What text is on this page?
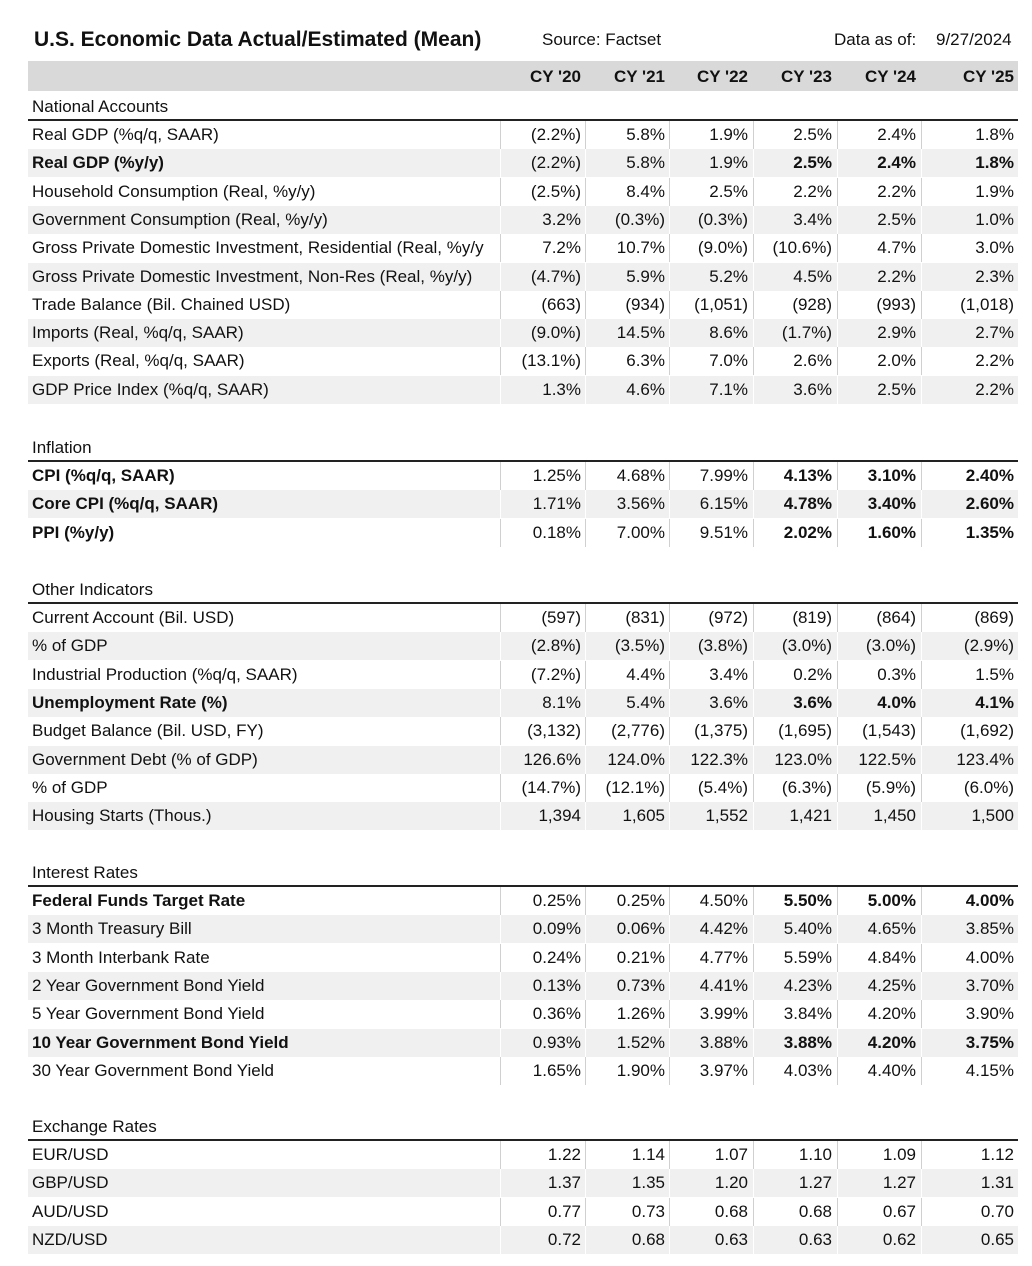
U.S. Economic Data Actual/Estimated (Mean)	Source: Factset	Data as of: 9/27/2024
CY '20	CY '21	CY '22	CY '23	CY '24	CY '25
National Accounts
Real GDP (%q/q, SAAR)	(2.2%)	5.8%	1.9%	2.5%	2.4%	1.8%
Real GDP (%y/y)	(2.2%)	5.8%	1.9%	2.5%	2.4%	1.8%
Household Consumption (Real, %y/y)	(2.5%)	8.4%	2.5%	2.2%	2.2%	1.9%
Government Consumption (Real, %y/y)	3.2%	(0.3%)	(0.3%)	3.4%	2.5%	1.0%
Gross Private Domestic Investment, Residential (Real, %y/y	7.2%	10.7%	(9.0%)	(10.6%)	4.7%	3.0%
Gross Private Domestic Investment, Non-Res (Real, %y/y)	(4.7%)	5.9%	5.2%	4.5%	2.2%	2.3%
Trade Balance (Bil. Chained USD)	(663)	(934)	(1,051)	(928)	(993)	(1,018)
Imports (Real, %q/q, SAAR)	(9.0%)	14.5%	8.6%	(1.7%)	2.9%	2.7%
Exports (Real, %q/q, SAAR)	(13.1%)	6.3%	7.0%	2.6%	2.0%	2.2%
GDP Price Index (%q/q, SAAR)	1.3%	4.6%	7.1%	3.6%	2.5%	2.2%
Inflation
CPI (%q/q, SAAR)	1.25%	4.68%	7.99%	4.13%	3.10%	2.40%
Core CPI (%q/q, SAAR)	1.71%	3.56%	6.15%	4.78%	3.40%	2.60%
PPI (%y/y)	0.18%	7.00%	9.51%	2.02%	1.60%	1.35%
Other Indicators
Current Account (Bil. USD)	(597)	(831)	(972)	(819)	(864)	(869)
% of GDP	(2.8%)	(3.5%)	(3.8%)	(3.0%)	(3.0%)	(2.9%)
Industrial Production (%q/q, SAAR)	(7.2%)	4.4%	3.4%	0.2%	0.3%	1.5%
Unemployment Rate (%)	8.1%	5.4%	3.6%	3.6%	4.0%	4.1%
Budget Balance (Bil. USD, FY)	(3,132)	(2,776)	(1,375)	(1,695)	(1,543)	(1,692)
Government Debt (% of GDP)	126.6%	124.0%	122.3%	123.0%	122.5%	123.4%
% of GDP	(14.7%)	(12.1%)	(5.4%)	(6.3%)	(5.9%)	(6.0%)
Housing Starts (Thous.)	1,394	1,605	1,552	1,421	1,450	1,500
Interest Rates
Federal Funds Target Rate	0.25%	0.25%	4.50%	5.50%	5.00%	4.00%
3 Month Treasury Bill	0.09%	0.06%	4.42%	5.40%	4.65%	3.85%
3 Month Interbank Rate	0.24%	0.21%	4.77%	5.59%	4.84%	4.00%
2 Year Government Bond Yield	0.13%	0.73%	4.41%	4.23%	4.25%	3.70%
5 Year Government Bond Yield	0.36%	1.26%	3.99%	3.84%	4.20%	3.90%
10 Year Government Bond Yield	0.93%	1.52%	3.88%	3.88%	4.20%	3.75%
30 Year Government Bond Yield	1.65%	1.90%	3.97%	4.03%	4.40%	4.15%
Exchange Rates
EUR/USD	1.22	1.14	1.07	1.10	1.09	1.12
GBP/USD	1.37	1.35	1.20	1.27	1.27	1.31
AUD/USD	0.77	0.73	0.68	0.68	0.67	0.70
NZD/USD	0.72	0.68	0.63	0.63	0.62	0.65
